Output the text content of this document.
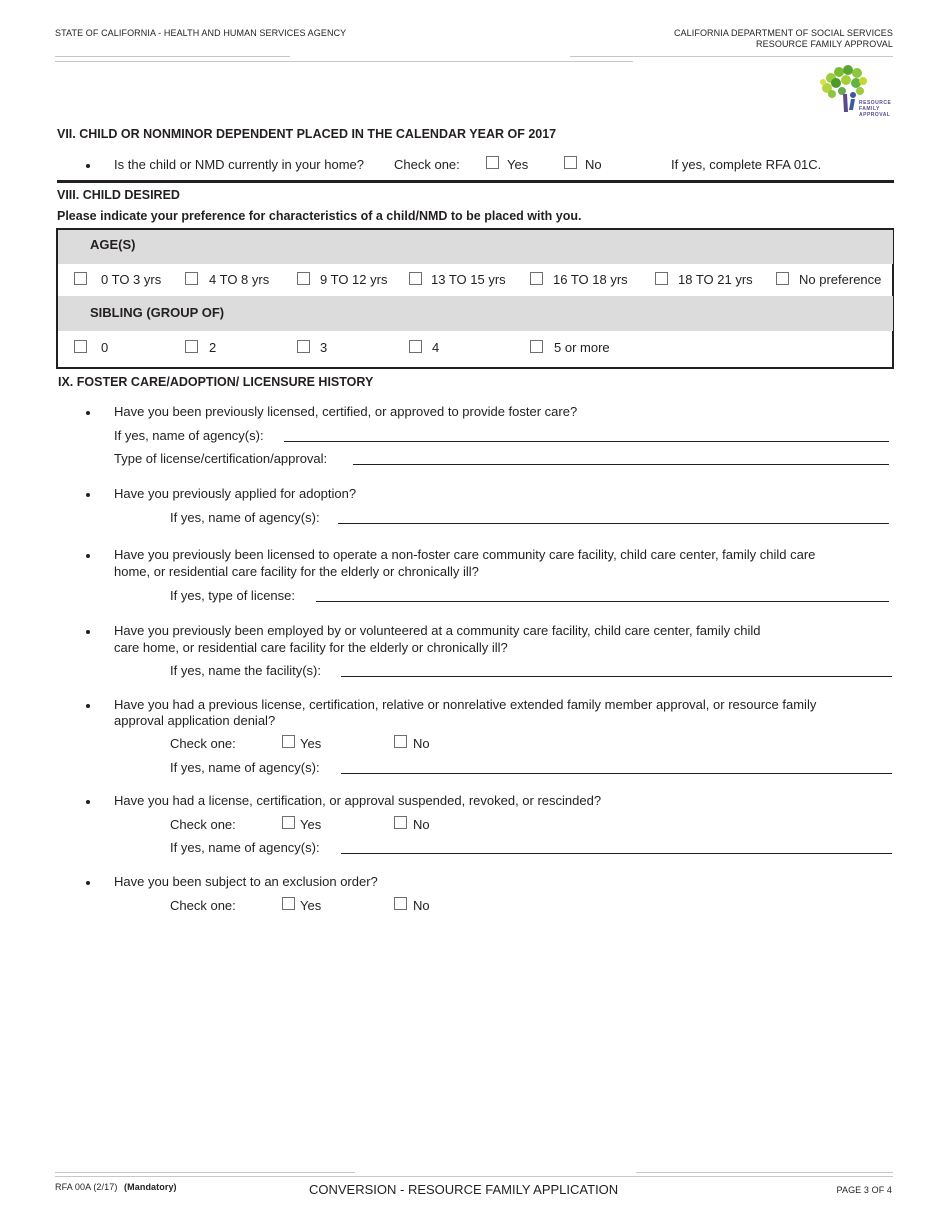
STATE OF CALIFORNIA - HEALTH AND HUMAN SERVICES AGENCY	CALIFORNIA DEPARTMENT OF SOCIAL SERVICES
RESOURCE FAMILY APPROVAL
RESOURCE
FAMILY
APPROVAL
VII. CHILD OR NONMINOR DEPENDENT PLACED IN THE CALENDAR YEAR OF 2017
Is the child or NMD currently in your home? Check one:	Yes	No	If yes, complete RFA 01C.
VIII. CHILD DESIRED
Please indicate your preference for characteristics of a child/NMD to be placed with you.
AGE(S)
0 TO 3 yrs	4 TO 8 yrs	9 TO 12 yrs	13 TO 15 yrs	16 TO 18 yrs	18 TO 21 yrs	No preference
SIBLING (GROUP OF)
0	2	3	4	5 or more
IX. FOSTER CARE/ADOPTION/ LICENSURE HISTORY
Have you been previously licensed, certified, or approved to provide foster care?
If yes, name of agency(s):
Type of license/certification/approval:
Have you previously applied for adoption?
If yes, name of agency(s):
Have you previously been licensed to operate a non-foster care community care facility, child care center, family child care
home, or residential care facility for the elderly or chronically ill?
If yes, type of license:
Have you previously been employed by or volunteered at a community care facility, child care center, family child
care home, or residential care facility for the elderly or chronically ill?
If yes, name the facility(s):
Have you had a previous license, certification, relative or nonrelative extended family member approval, or resource family
approval application denial?
Check one:	Yes	No
If yes, name of agency(s):
Have you had a license, certification, or approval suspended, revoked, or rescinded?
Check one:	Yes	No
If yes, name of agency(s):
Have you been subject to an exclusion order?
Check one:	Yes	No
RFA 00A (2/17) (Mandatory)	CONVERSION - RESOURCE FAMILY APPLICATION	PAGE 3 OF 4
